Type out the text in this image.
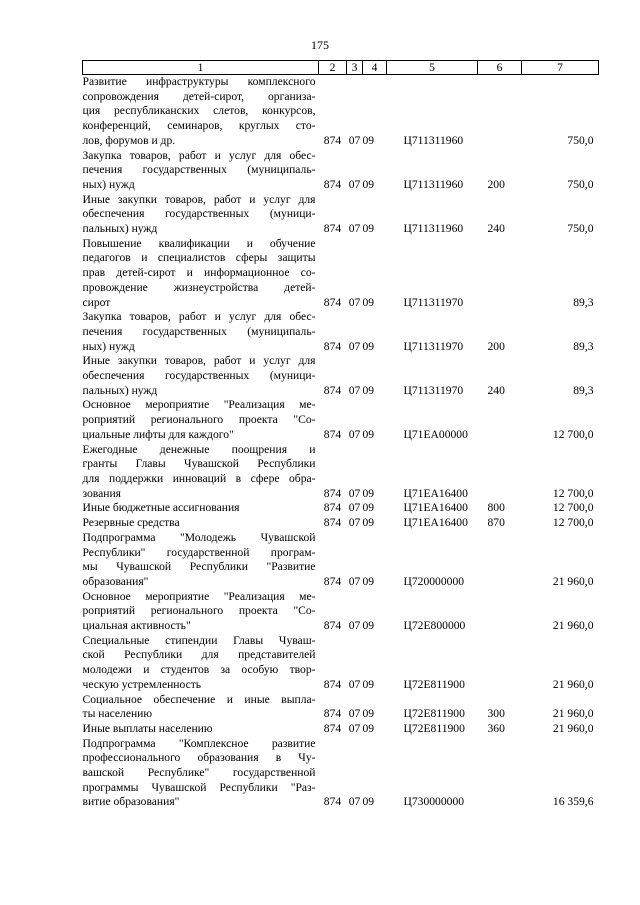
175
1	2	3	4	5	6	7

Развитие инфраструктуры комплексного
сопровождения детей-сирот, организа-
ция республиканских слетов, конкурсов,
конференций, семинаров, круглых сто-
лов, форумов и др.	874	07	09	Ц711311960		750,0

Закупка товаров, работ и услуг для обес-
печения государственных (муниципаль-
ных) нужд	874	07	09	Ц711311960	200	750,0

Иные закупки товаров, работ и услуг для
обеспечения государственных (муници-
пальных) нужд	874	07	09	Ц711311960	240	750,0

Повышение квалификации и обучение
педагогов и специалистов сферы защиты
прав детей-сирот и информационное со-
провождение жизнеустройства детей-
сирот	874	07	09	Ц711311970		89,3

Закупка товаров, работ и услуг для обес-
печения государственных (муниципаль-
ных) нужд	874	07	09	Ц711311970	200	89,3

Иные закупки товаров, работ и услуг для
обеспечения государственных (муници-
пальных) нужд	874	07	09	Ц711311970	240	89,3

Основное мероприятие "Реализация ме-
роприятий регионального проекта "Со-
циальные лифты для каждого"	874	07	09	Ц71ЕА00000		12 700,0

Ежегодные денежные поощрения и
гранты Главы Чувашской Республики
для поддержки инноваций в сфере обра-
зования	874	07	09	Ц71ЕА16400		12 700,0

Иные бюджетные ассигнования	874	07	09	Ц71ЕА16400	800	12 700,0

Резервные средства	874	07	09	Ц71ЕА16400	870	12 700,0

Подпрограмма "Молодежь Чувашской
Республики" государственной програм-
мы Чувашской Республики "Развитие
образования"	874	07	09	Ц720000000		21 960,0

Основное мероприятие "Реализация ме-
роприятий регионального проекта "Со-
циальная активность"	874	07	09	Ц72Е800000		21 960,0

Специальные стипендии Главы Чуваш-
ской Республики для представителей
молодежи и студентов за особую твор-
ческую устремленность	874	07	09	Ц72Е811900		21 960,0

Социальное обеспечение и иные выпла-
ты населению	874	07	09	Ц72Е811900	300	21 960,0

Иные выплаты населению	874	07	09	Ц72Е811900	360	21 960,0

Подпрограмма "Комплексное развитие
профессионального образования в Чу-
вашской Республике" государственной
программы Чувашской Республики "Раз-
витие образования"	874	07	09	Ц730000000		16 359,6
